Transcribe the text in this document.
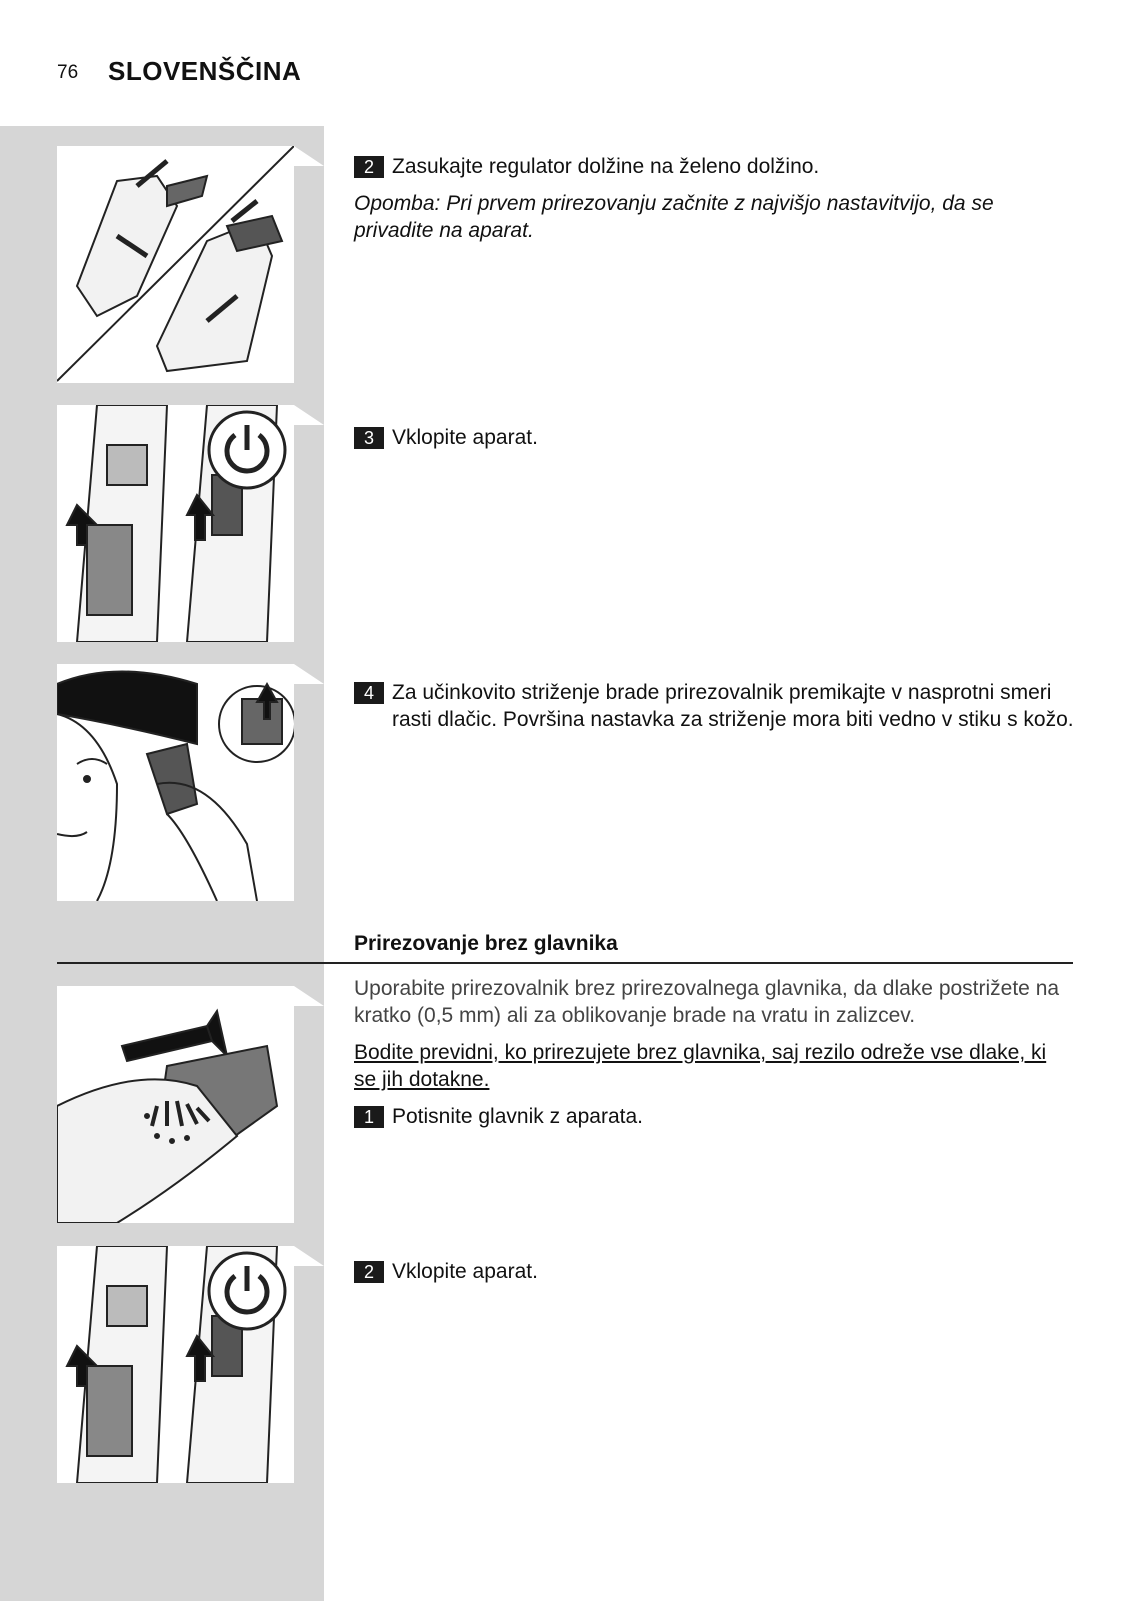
76 SLOVENŠČINA
2 Zasukajte regulator dolžine na želeno dolžino.
Opomba: Pri prvem prirezovanju začnite z najvišjo nastavitvijo, da se privadite na aparat.
3 Vklopite aparat.
4 Za učinkovito striženje brade prirezovalnik premikajte v nasprotni smeri rasti dlačic. Površina nastavka za striženje mora biti vedno v stiku s kožo.
Prirezovanje brez glavnika
Uporabite prirezovalnik brez prirezovalnega glavnika, da dlake postrižete na kratko (0,5 mm) ali za oblikovanje brade na vratu in zalizcev.
Bodite previdni, ko prirezujete brez glavnika, saj rezilo odreže vse dlake, ki se jih dotakne.
1 Potisnite glavnik z aparata.
2 Vklopite aparat.
